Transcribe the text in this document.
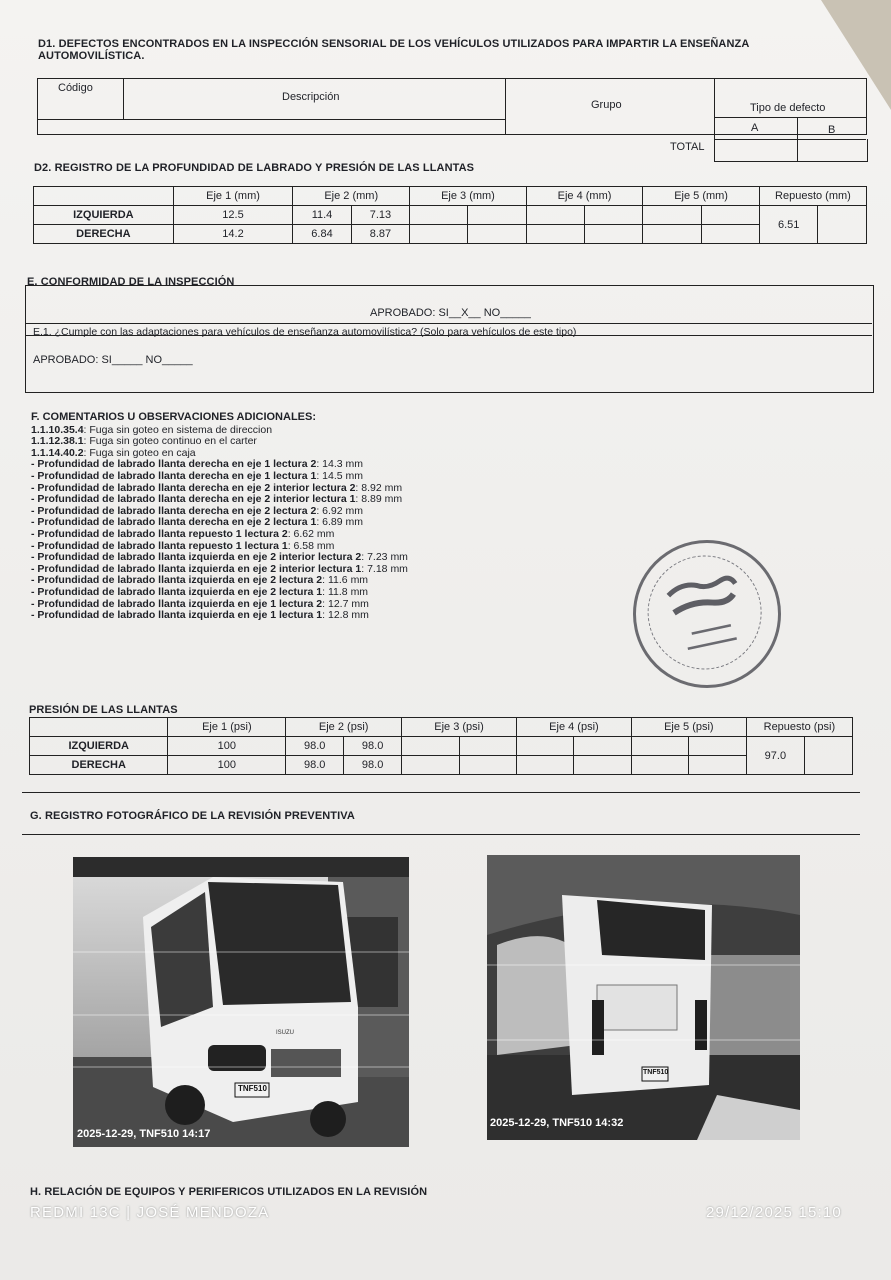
D1. DEFECTOS ENCONTRADOS EN LA INSPECCIÓN SENSORIAL DE LOS VEHÍCULOS UTILIZADOS PARA IMPARTIR LA ENSEÑANZA
AUTOMOVILÍSTICA.
Código
Descripción
Grupo	Tipo de defecto
A	B
TOTAL
D2. REGISTRO DE LA PROFUNDIDAD DE LABRADO Y PRESIÓN DE LAS LLANTAS
	Eje 1 (mm)	Eje 2 (mm)		Eje 3 (mm)		Eje 4 (mm)		Eje 5 (mm)		Repuesto (mm)	
IZQUIERDA	12.5	11.4	7.13							6.51	
DERECHA	14.2	6.84	8.87								
E. CONFORMIDAD DE LA INSPECCIÓN
APROBADO: SI__X__ NO_____
E.1. ¿Cumple con las adaptaciones para vehículos de enseñanza automovilística? (Solo para vehículos de este tipo)
APROBADO: SI_____ NO_____
F. COMENTARIOS U OBSERVACIONES ADICIONALES:
1.1.10.35.4: Fuga sin goteo en sistema de direccion
1.1.12.38.1: Fuga sin goteo continuo en el carter
1.1.14.40.2: Fuga sin goteo en caja
- Profundidad de labrado llanta derecha en eje 1 lectura 2: 14.3 mm
- Profundidad de labrado llanta derecha en eje 1 lectura 1: 14.5 mm
- Profundidad de labrado llanta derecha en eje 2 interior lectura 2: 8.92 mm
- Profundidad de labrado llanta derecha en eje 2 interior lectura 1: 8.89 mm
- Profundidad de labrado llanta derecha en eje 2 lectura 2: 6.92 mm
- Profundidad de labrado llanta derecha en eje 2 lectura 1: 6.89 mm
- Profundidad de labrado llanta repuesto 1 lectura 2: 6.62 mm
- Profundidad de labrado llanta repuesto 1 lectura 1: 6.58 mm
- Profundidad de labrado llanta izquierda en eje 2 interior lectura 2: 7.23 mm
- Profundidad de labrado llanta izquierda en eje 2 interior lectura 1: 7.18 mm
- Profundidad de labrado llanta izquierda en eje 2 lectura 2: 11.6 mm
- Profundidad de labrado llanta izquierda en eje 2 lectura 1: 11.8 mm
- Profundidad de labrado llanta izquierda en eje 1 lectura 2: 12.7 mm
- Profundidad de labrado llanta izquierda en eje 1 lectura 1: 12.8 mm
PRESIÓN DE LAS LLANTAS
	Eje 1 (psi)	Eje 2 (psi)		Eje 3 (psi)		Eje 4 (psi)		Eje 5 (psi)		Repuesto (psi)	
IZQUIERDA	100	98.0	98.0							97.0	
DERECHA	100	98.0	98.0								
G. REGISTRO FOTOGRÁFICO DE LA REVISIÓN PREVENTIVA
ISUZU
TNF510
2025-12-29, TNF510 14:17
TNF510
2025-12-29, TNF510 14:32
H. RELACIÓN DE EQUIPOS Y PERIFERICOS UTILIZADOS EN LA REVISIÓN
REDMI 13C | JOSÉ MENDOZA	29/12/2025 15:10
